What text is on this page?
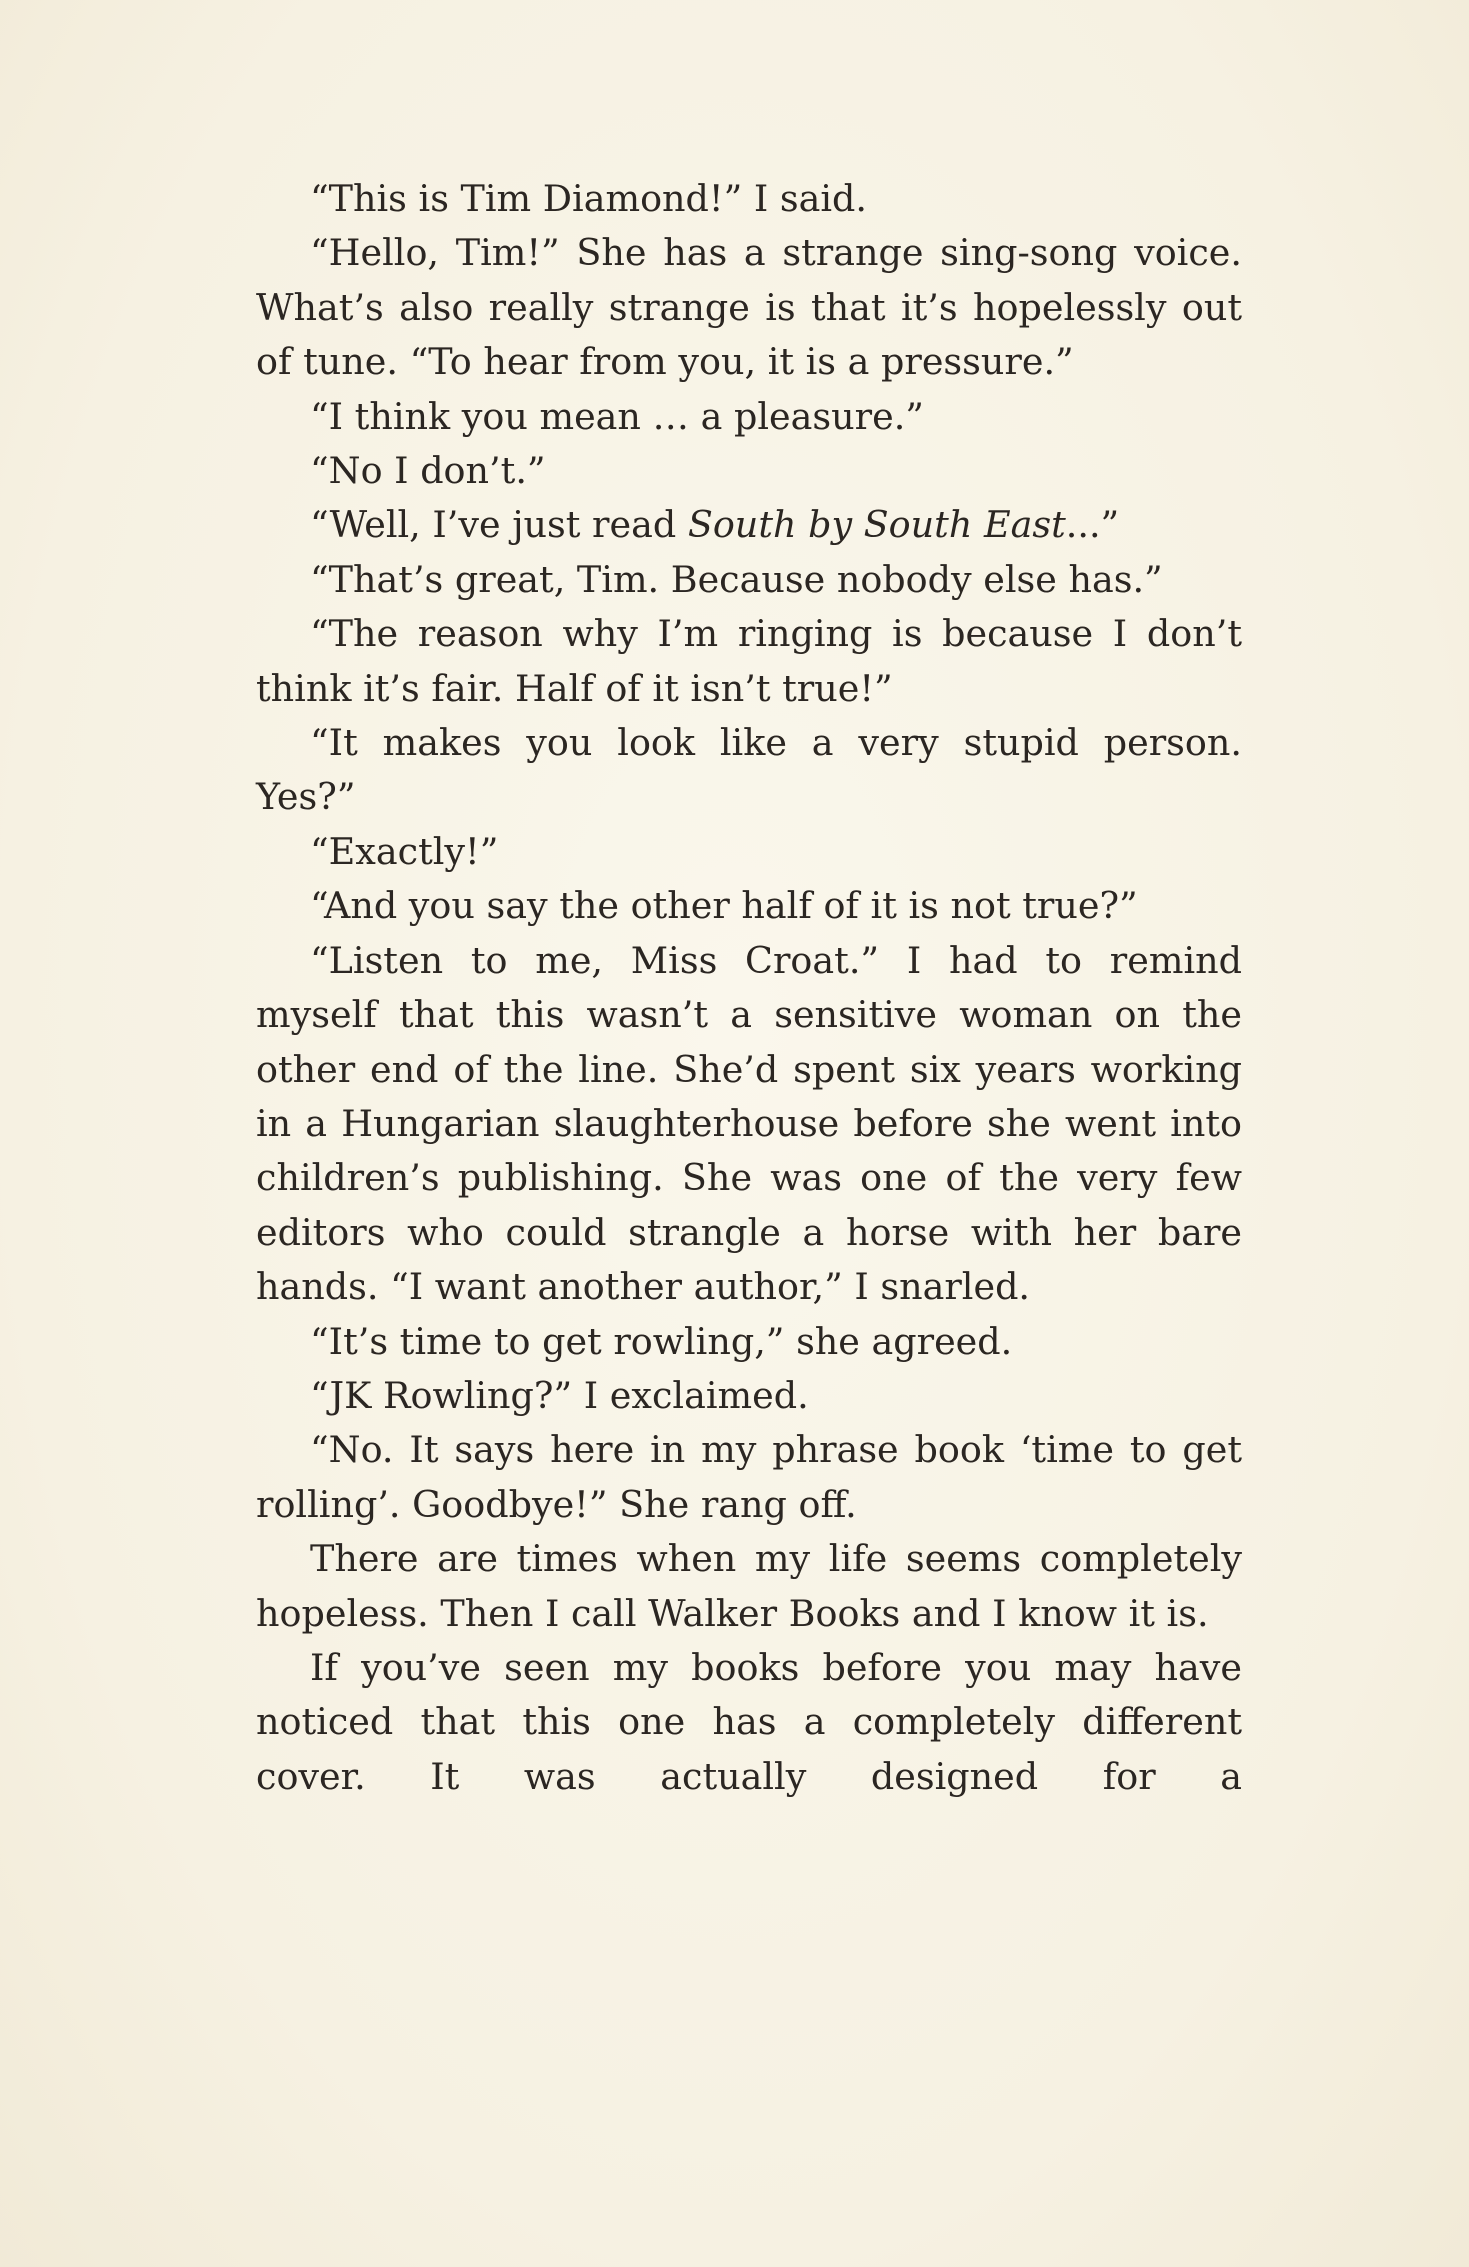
“This is Tim Diamond!” I said.

“Hello, Tim!” She has a strange sing-song voice. What’s also really strange is that it’s hopelessly out of tune. “To hear from you, it is a pressure.”

“I think you mean … a pleasure.”

“No I don’t.”

“Well, I’ve just read South by South East...”

“That’s great, Tim. Because nobody else has.”

“The reason why I’m ringing is because I don’t think it’s fair. Half of it isn’t true!”

“It makes you look like a very stupid person. Yes?”

“Exactly!”

“And you say the other half of it is not true?”

“Listen to me, Miss Croat.” I had to remind myself that this wasn’t a sensitive woman on the other end of the line. She’d spent six years working in a Hungarian slaughterhouse before she went into children’s publishing. She was one of the very few editors who could strangle a horse with her bare hands. “I want another author,” I snarled.

“It’s time to get rowling,” she agreed.

“JK Rowling?” I exclaimed.

“No. It says here in my phrase book ‘time to get rolling’. Goodbye!” She rang off.

There are times when my life seems completely hopeless. Then I call Walker Books and I know it is.

If you’ve seen my books before you may have noticed that this one has a completely different cover. It was actually designed for a
